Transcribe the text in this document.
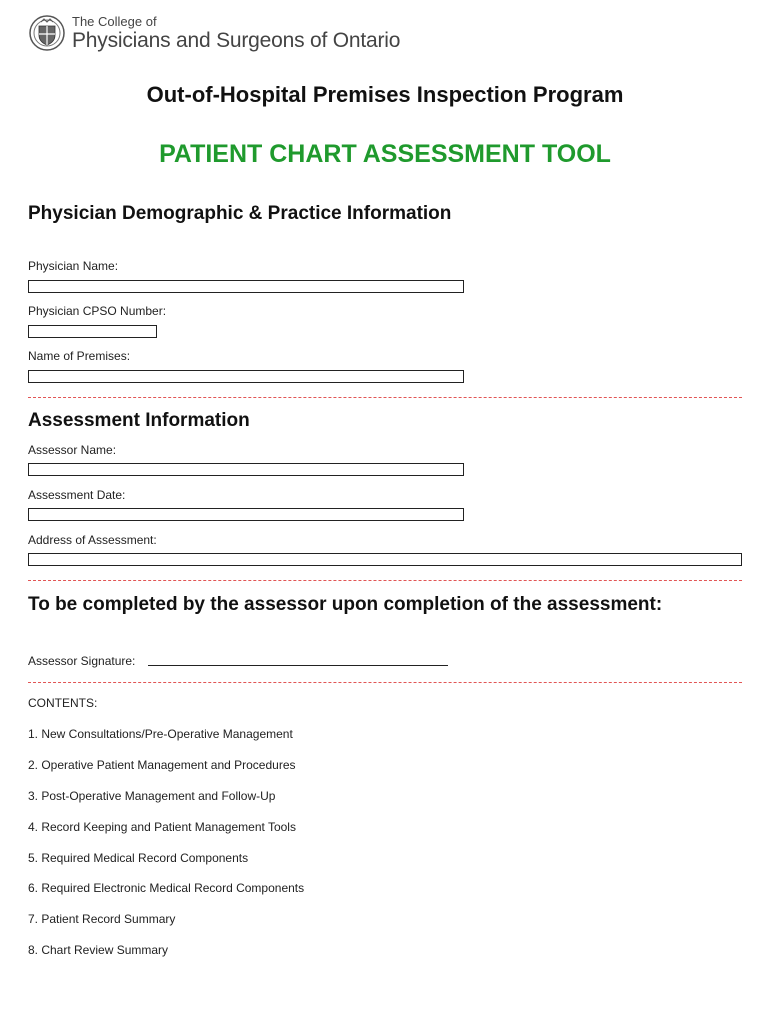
The College of
Physicians and Surgeons of Ontario
Out-of-Hospital Premises Inspection Program
PATIENT CHART ASSESSMENT TOOL
Physician Demographic & Practice Information
Physician Name:
Physician CPSO Number:
Name of Premises:
Assessment Information
Assessor Name:
Assessment Date:
Address of Assessment:
To be completed by the assessor upon completion of the assessment:
Assessor Signature:
CONTENTS:
1. New Consultations/Pre-Operative Management
2. Operative Patient Management and Procedures
3. Post-Operative Management and Follow-Up
4. Record Keeping and Patient Management Tools
5. Required Medical Record Components
6. Required Electronic Medical Record Components
7. Patient Record Summary
8. Chart Review Summary
